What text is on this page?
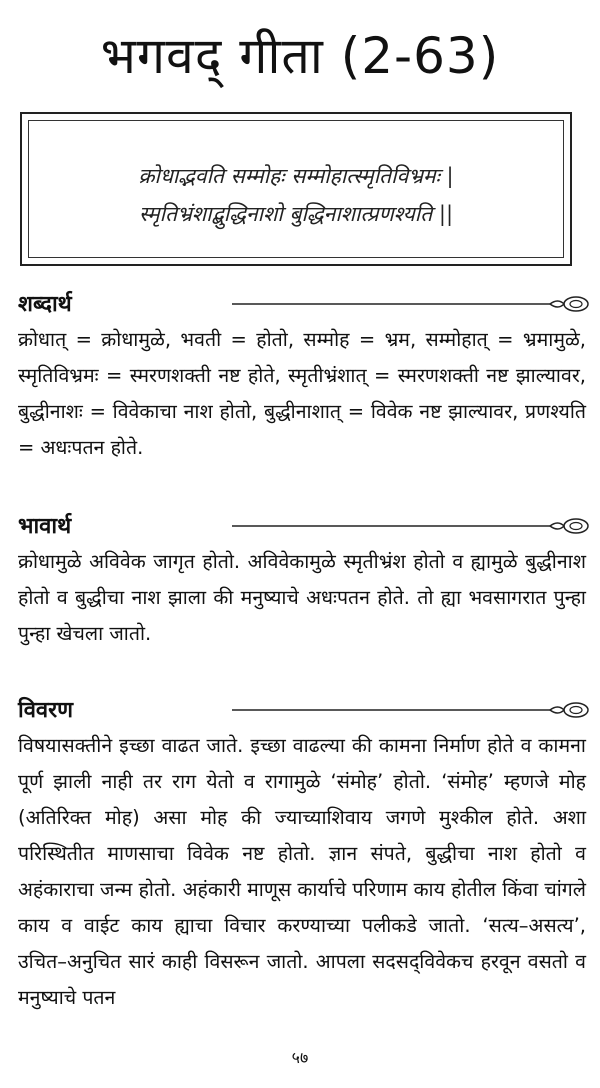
भगवद् गीता (2-63)
क्रोधाद्भवति सम्मोहः सम्मोहात्स्मृतिविभ्रमः |
स्मृतिभ्रंशाद्बुद्धिनाशो बुद्धिनाशात्प्रणश्यति ||
शब्दार्थ
क्रोधात् = क्रोधामुळे, भवती = होतो, सम्मोह = भ्रम, सम्मोहात् = भ्रमामुळे, स्मृतिविभ्रमः = स्मरणशक्ती नष्ट होते, स्मृतीभ्रंशात् = स्मरणशक्ती नष्ट झाल्यावर, बुद्धीनाशः = विवेकाचा नाश होतो, बुद्धीनाशात् = विवेक नष्ट झाल्यावर, प्रणश्यति = अधःपतन होते.
भावार्थ
क्रोधामुळे अविवेक जागृत होतो. अविवेकामुळे स्मृतीभ्रंश होतो व ह्यामुळे बुद्धीनाश होतो व बुद्धीचा नाश झाला की मनुष्याचे अधःपतन होते. तो ह्या भवसागरात पुन्हा पुन्हा खेचला जातो.
विवरण
विषयासक्तीने इच्छा वाढत जाते. इच्छा वाढल्या की कामना निर्माण होते व कामना पूर्ण झाली नाही तर राग येतो व रागामुळे ‘संमोह’ होतो. ‘संमोह’ म्हणजे मोह (अतिरिक्त मोह) असा मोह की ज्याच्याशिवाय जगणे मुश्कील होते. अशा परिस्थितीत माणसाचा विवेक नष्ट होतो. ज्ञान संपते, बुद्धीचा नाश होतो व अहंकाराचा जन्म होतो. अहंकारी माणूस कार्याचे परिणाम काय होतील किंवा चांगले काय व वाईट काय ह्याचा विचार करण्याच्या पलीकडे जातो. ‘सत्य–असत्य’, उचित–अनुचित सारं काही विसरून जातो. आपला सदसद्‌विवेकच हरवून वसतो व मनुष्याचे पतन
५७
